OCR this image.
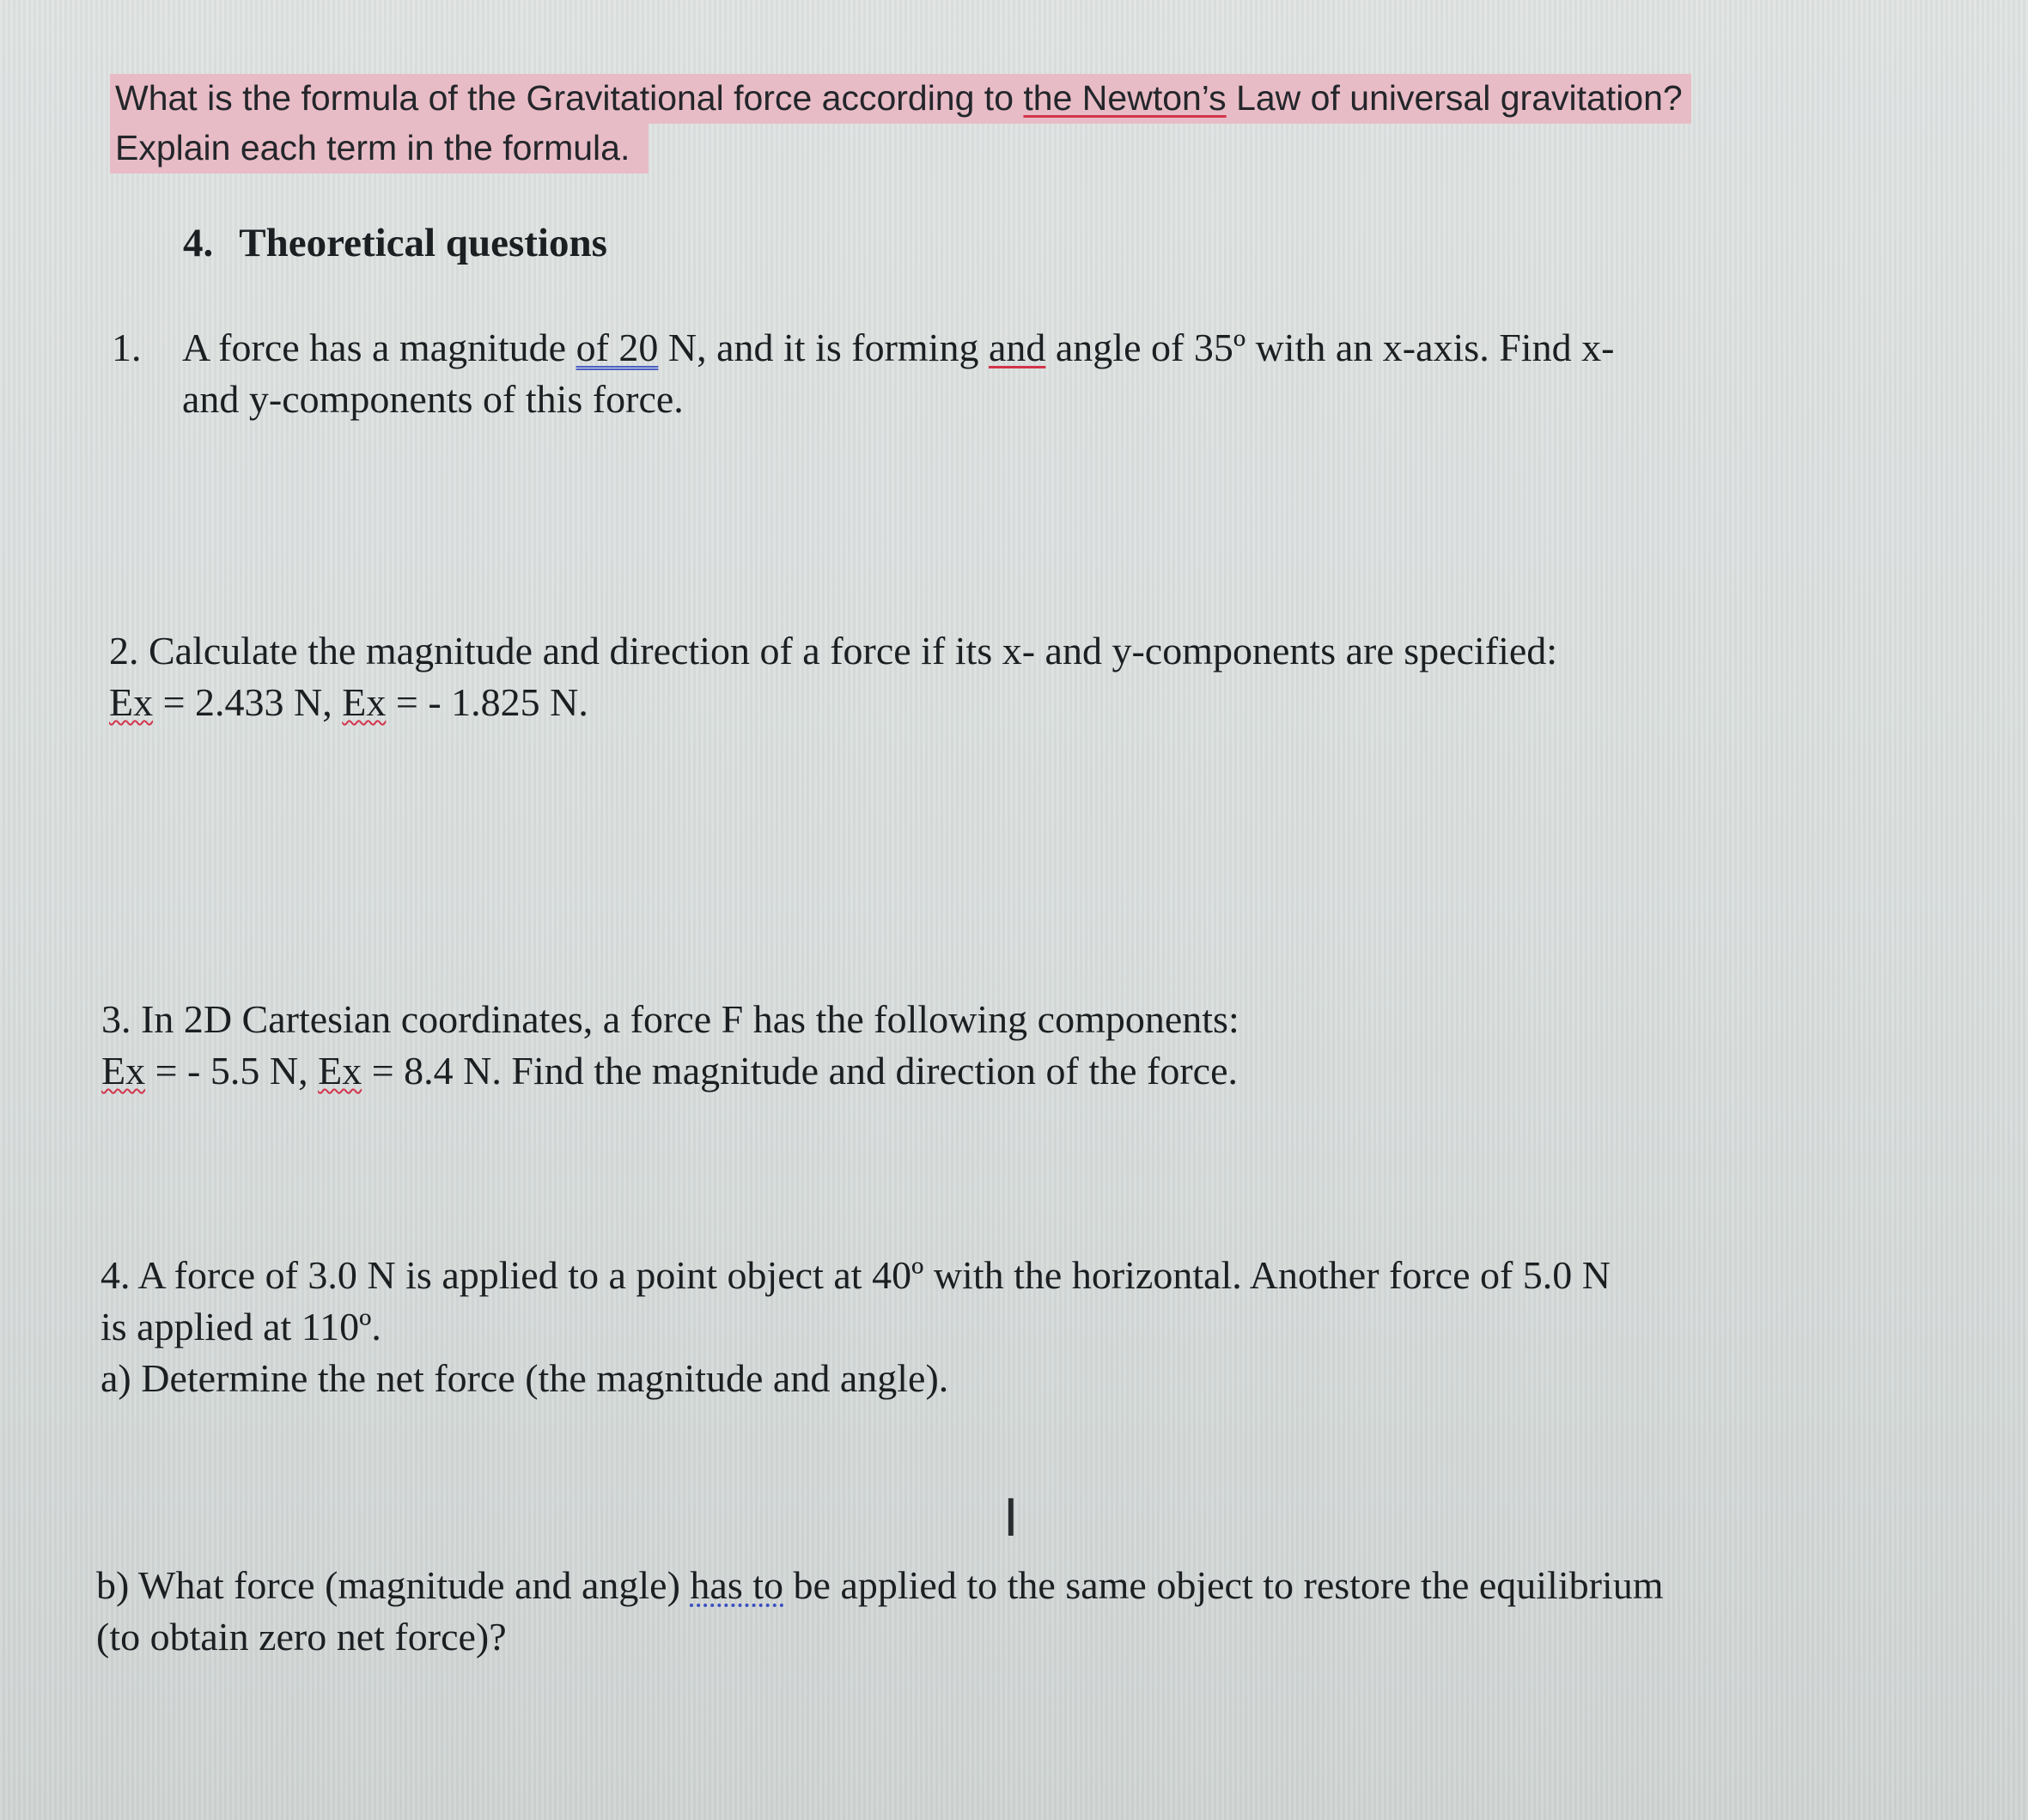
What is the formula of the Gravitational force according to the Newton’s Law of universal gravitation?
Explain each term in the formula.
4. Theoretical questions
1. A force has a magnitude of 20 N, and it is forming and angle of 35º with an x-axis. Find x-
and y-components of this force.
2. Calculate the magnitude and direction of a force if its x- and y-components are specified:
Ex = 2.433 N, Ex = - 1.825 N.
3. In 2D Cartesian coordinates, a force F has the following components:
Ex = - 5.5 N, Ex = 8.4 N. Find the magnitude and direction of the force.
4. A force of 3.0 N is applied to a point object at 40º with the horizontal. Another force of 5.0 N
is applied at 110º.
a) Determine the net force (the magnitude and angle).
I
b) What force (magnitude and angle) has to be applied to the same object to restore the equilibrium
(to obtain zero net force)?
